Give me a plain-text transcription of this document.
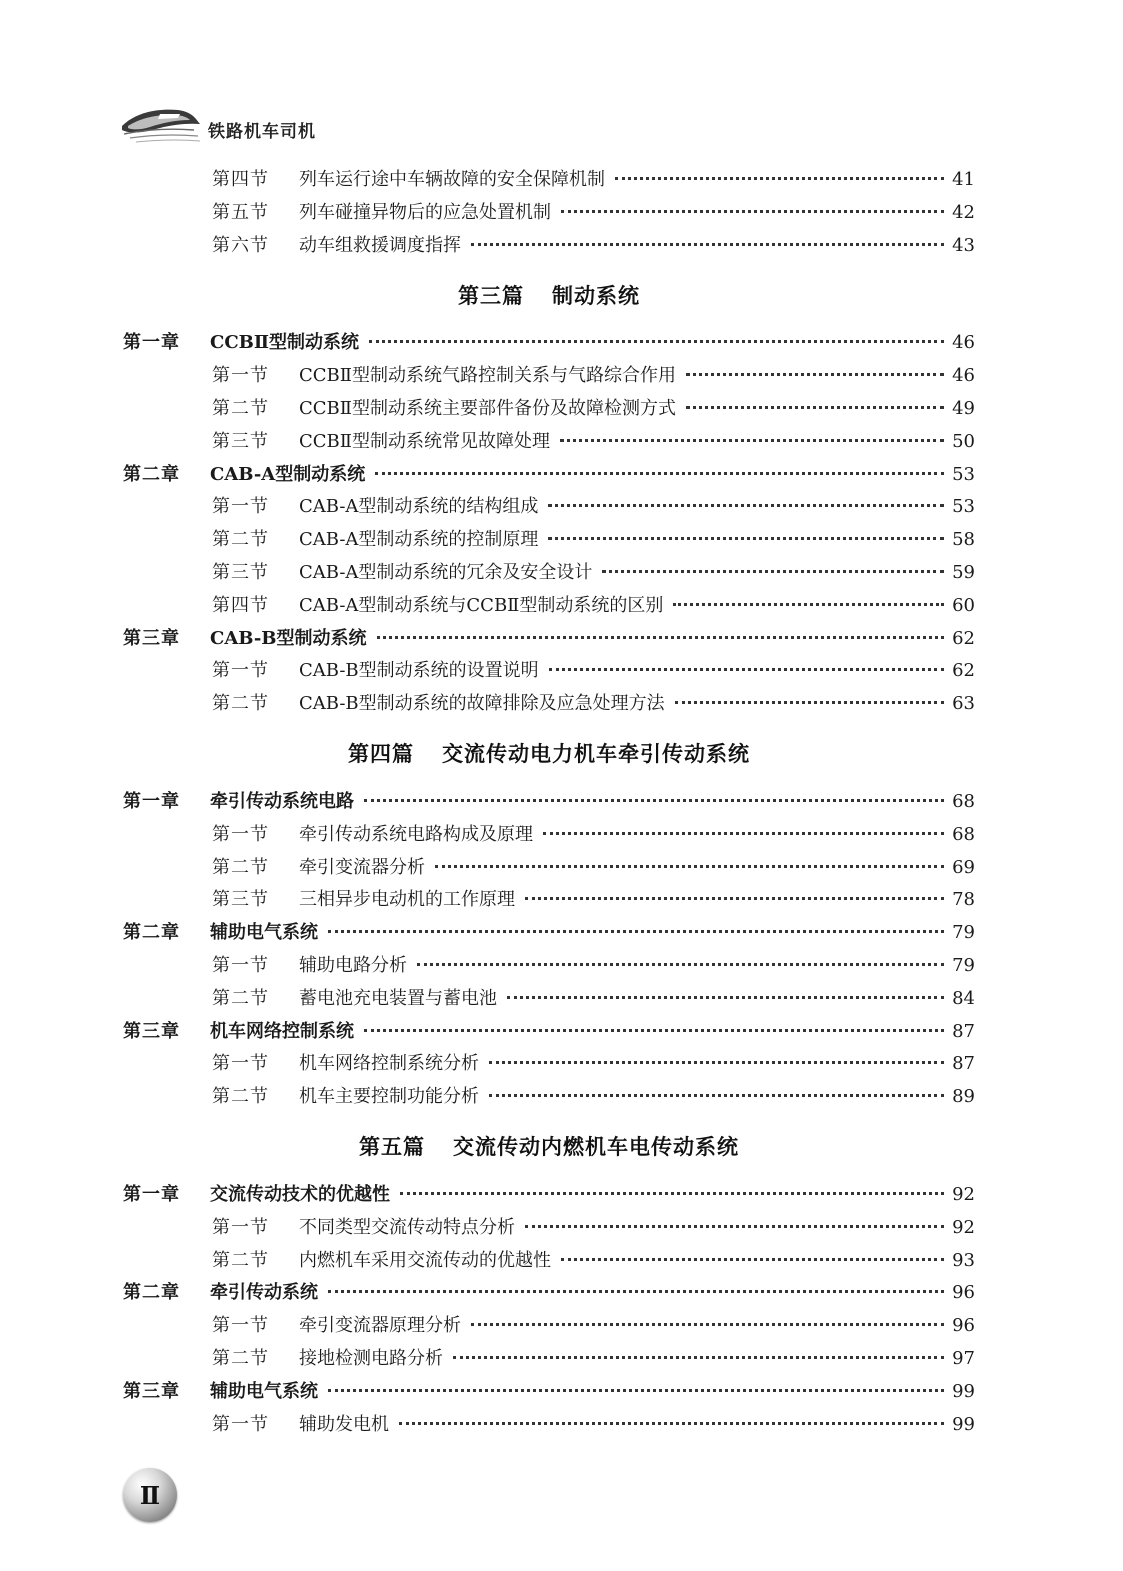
铁路机车司机
第四节	列车运行途中车辆故障的安全保障机制	41
第五节	列车碰撞异物后的应急处置机制	42
第六节	动车组救援调度指挥	43
第三篇 制动系统
第一章	CCBⅡ型制动系统	46
第一节	CCBⅡ型制动系统气路控制关系与气路综合作用	46
第二节	CCBⅡ型制动系统主要部件备份及故障检测方式	49
第三节	CCBⅡ型制动系统常见故障处理	50
第二章	CAB-A型制动系统	53
第一节	CAB-A型制动系统的结构组成	53
第二节	CAB-A型制动系统的控制原理	58
第三节	CAB-A型制动系统的冗余及安全设计	59
第四节	CAB-A型制动系统与CCBⅡ型制动系统的区别	60
第三章	CAB-B型制动系统	62
第一节	CAB-B型制动系统的设置说明	62
第二节	CAB-B型制动系统的故障排除及应急处理方法	63
第四篇 交流传动电力机车牵引传动系统
第一章	牵引传动系统电路	68
第一节	牵引传动系统电路构成及原理	68
第二节	牵引变流器分析	69
第三节	三相异步电动机的工作原理	78
第二章	辅助电气系统	79
第一节	辅助电路分析	79
第二节	蓄电池充电装置与蓄电池	84
第三章	机车网络控制系统	87
第一节	机车网络控制系统分析	87
第二节	机车主要控制功能分析	89
第五篇 交流传动内燃机车电传动系统
第一章	交流传动技术的优越性	92
第一节	不同类型交流传动特点分析	92
第二节	内燃机车采用交流传动的优越性	93
第二章	牵引传动系统	96
第一节	牵引变流器原理分析	96
第二节	接地检测电路分析	97
第三章	辅助电气系统	99
第一节	辅助发电机	99
Ⅱ
